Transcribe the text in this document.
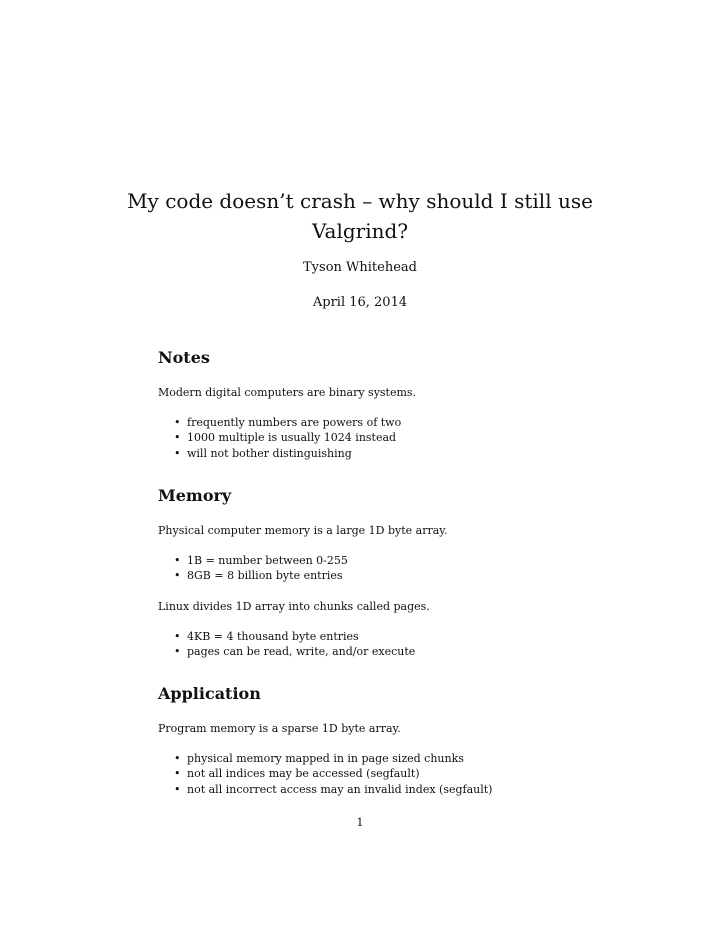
My code doesn’t crash – why should I still use Valgrind?

Tyson Whitehead

April 16, 2014

Notes

Modern digital computers are binary systems.

• frequently numbers are powers of two
• 1000 multiple is usually 1024 instead
• will not bother distinguishing
Memory

Physical computer memory is a large 1D byte array.

• 1B = number between 0-255
• 8GB = 8 billion byte entries

Linux divides 1D array into chunks called pages.

• 4KB = 4 thousand byte entries
• pages can be read, write, and/or execute
Application

Program memory is a sparse 1D byte array.

• physical memory mapped in in page sized chunks
• not all indices may be accessed (segfault)
• not all incorrect access may an invalid index (segfault)
1
